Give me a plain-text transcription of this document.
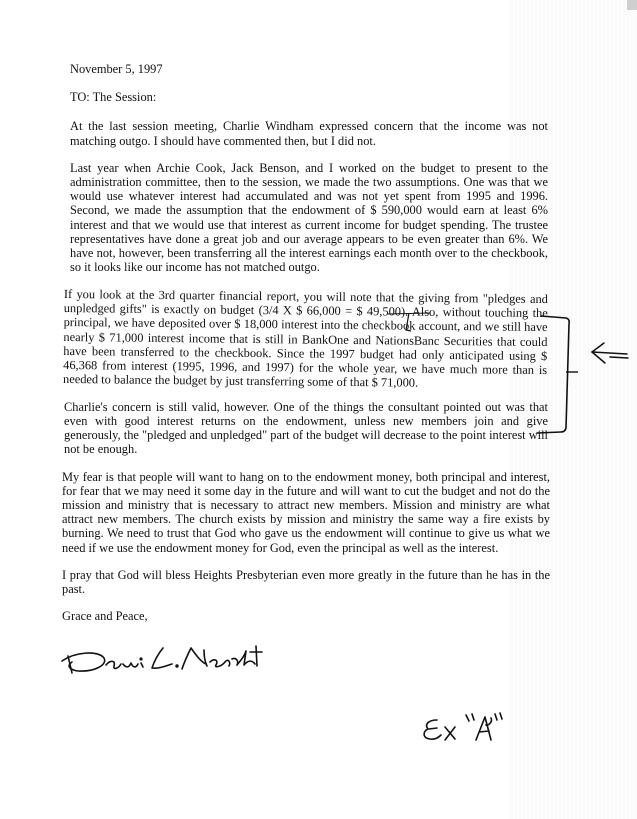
November 5, 1997
TO: The Session:

At the last session meeting, Charlie Windham expressed concern that the income was not matching outgo. I should have commented then, but I did not.

Last year when Archie Cook, Jack Benson, and I worked on the budget to present to the administration committee, then to the session, we made the two assumptions. One was that we would use whatever interest had accumulated and was not yet spent from 1995 and 1996. Second, we made the assumption that the endowment of $ 590,000 would earn at least 6% interest and that we would use that interest as current income for budget spending. The trustee representatives have done a great job and our average appears to be even greater than 6%. We have not, however, been transferring all the interest earnings each month over to the checkbook, so it looks like our income has not matched outgo.

If you look at the 3rd quarter financial report, you will note that the giving from "pledges and unpledged gifts" is exactly on budget (3/4 X $ 66,000 = $ 49,500). Also, without touching the principal, we have deposited over $ 18,000 interest into the checkbook account, and we still have nearly $ 71,000 interest income that is still in BankOne and NationsBanc Securities that could have been transferred to the checkbook. Since the 1997 budget had only anticipated using $ 46,368 from interest (1995, 1996, and 1997) for the whole year, we have much more than is needed to balance the budget by just transferring some of that $ 71,000.

Charlie's concern is still valid, however. One of the things the consultant pointed out was that even with good interest returns on the endowment, unless new members join and give generously, the "pledged and unpledged" part of the budget will decrease to the point interest will not be enough.

My fear is that people will want to hang on to the endowment money, both principal and interest, for fear that we may need it some day in the future and will want to cut the budget and not do the mission and ministry that is necessary to attract new members. Mission and ministry are what attract new members. The church exists by mission and ministry the same way a fire exists by burning. We need to trust that God who gave us the endowment will continue to give us what we need if we use the endowment money for God, even the principal as well as the interest.

I pray that God will bless Heights Presbyterian even more greatly in the future than he has in the past.

Grace and Peace,
